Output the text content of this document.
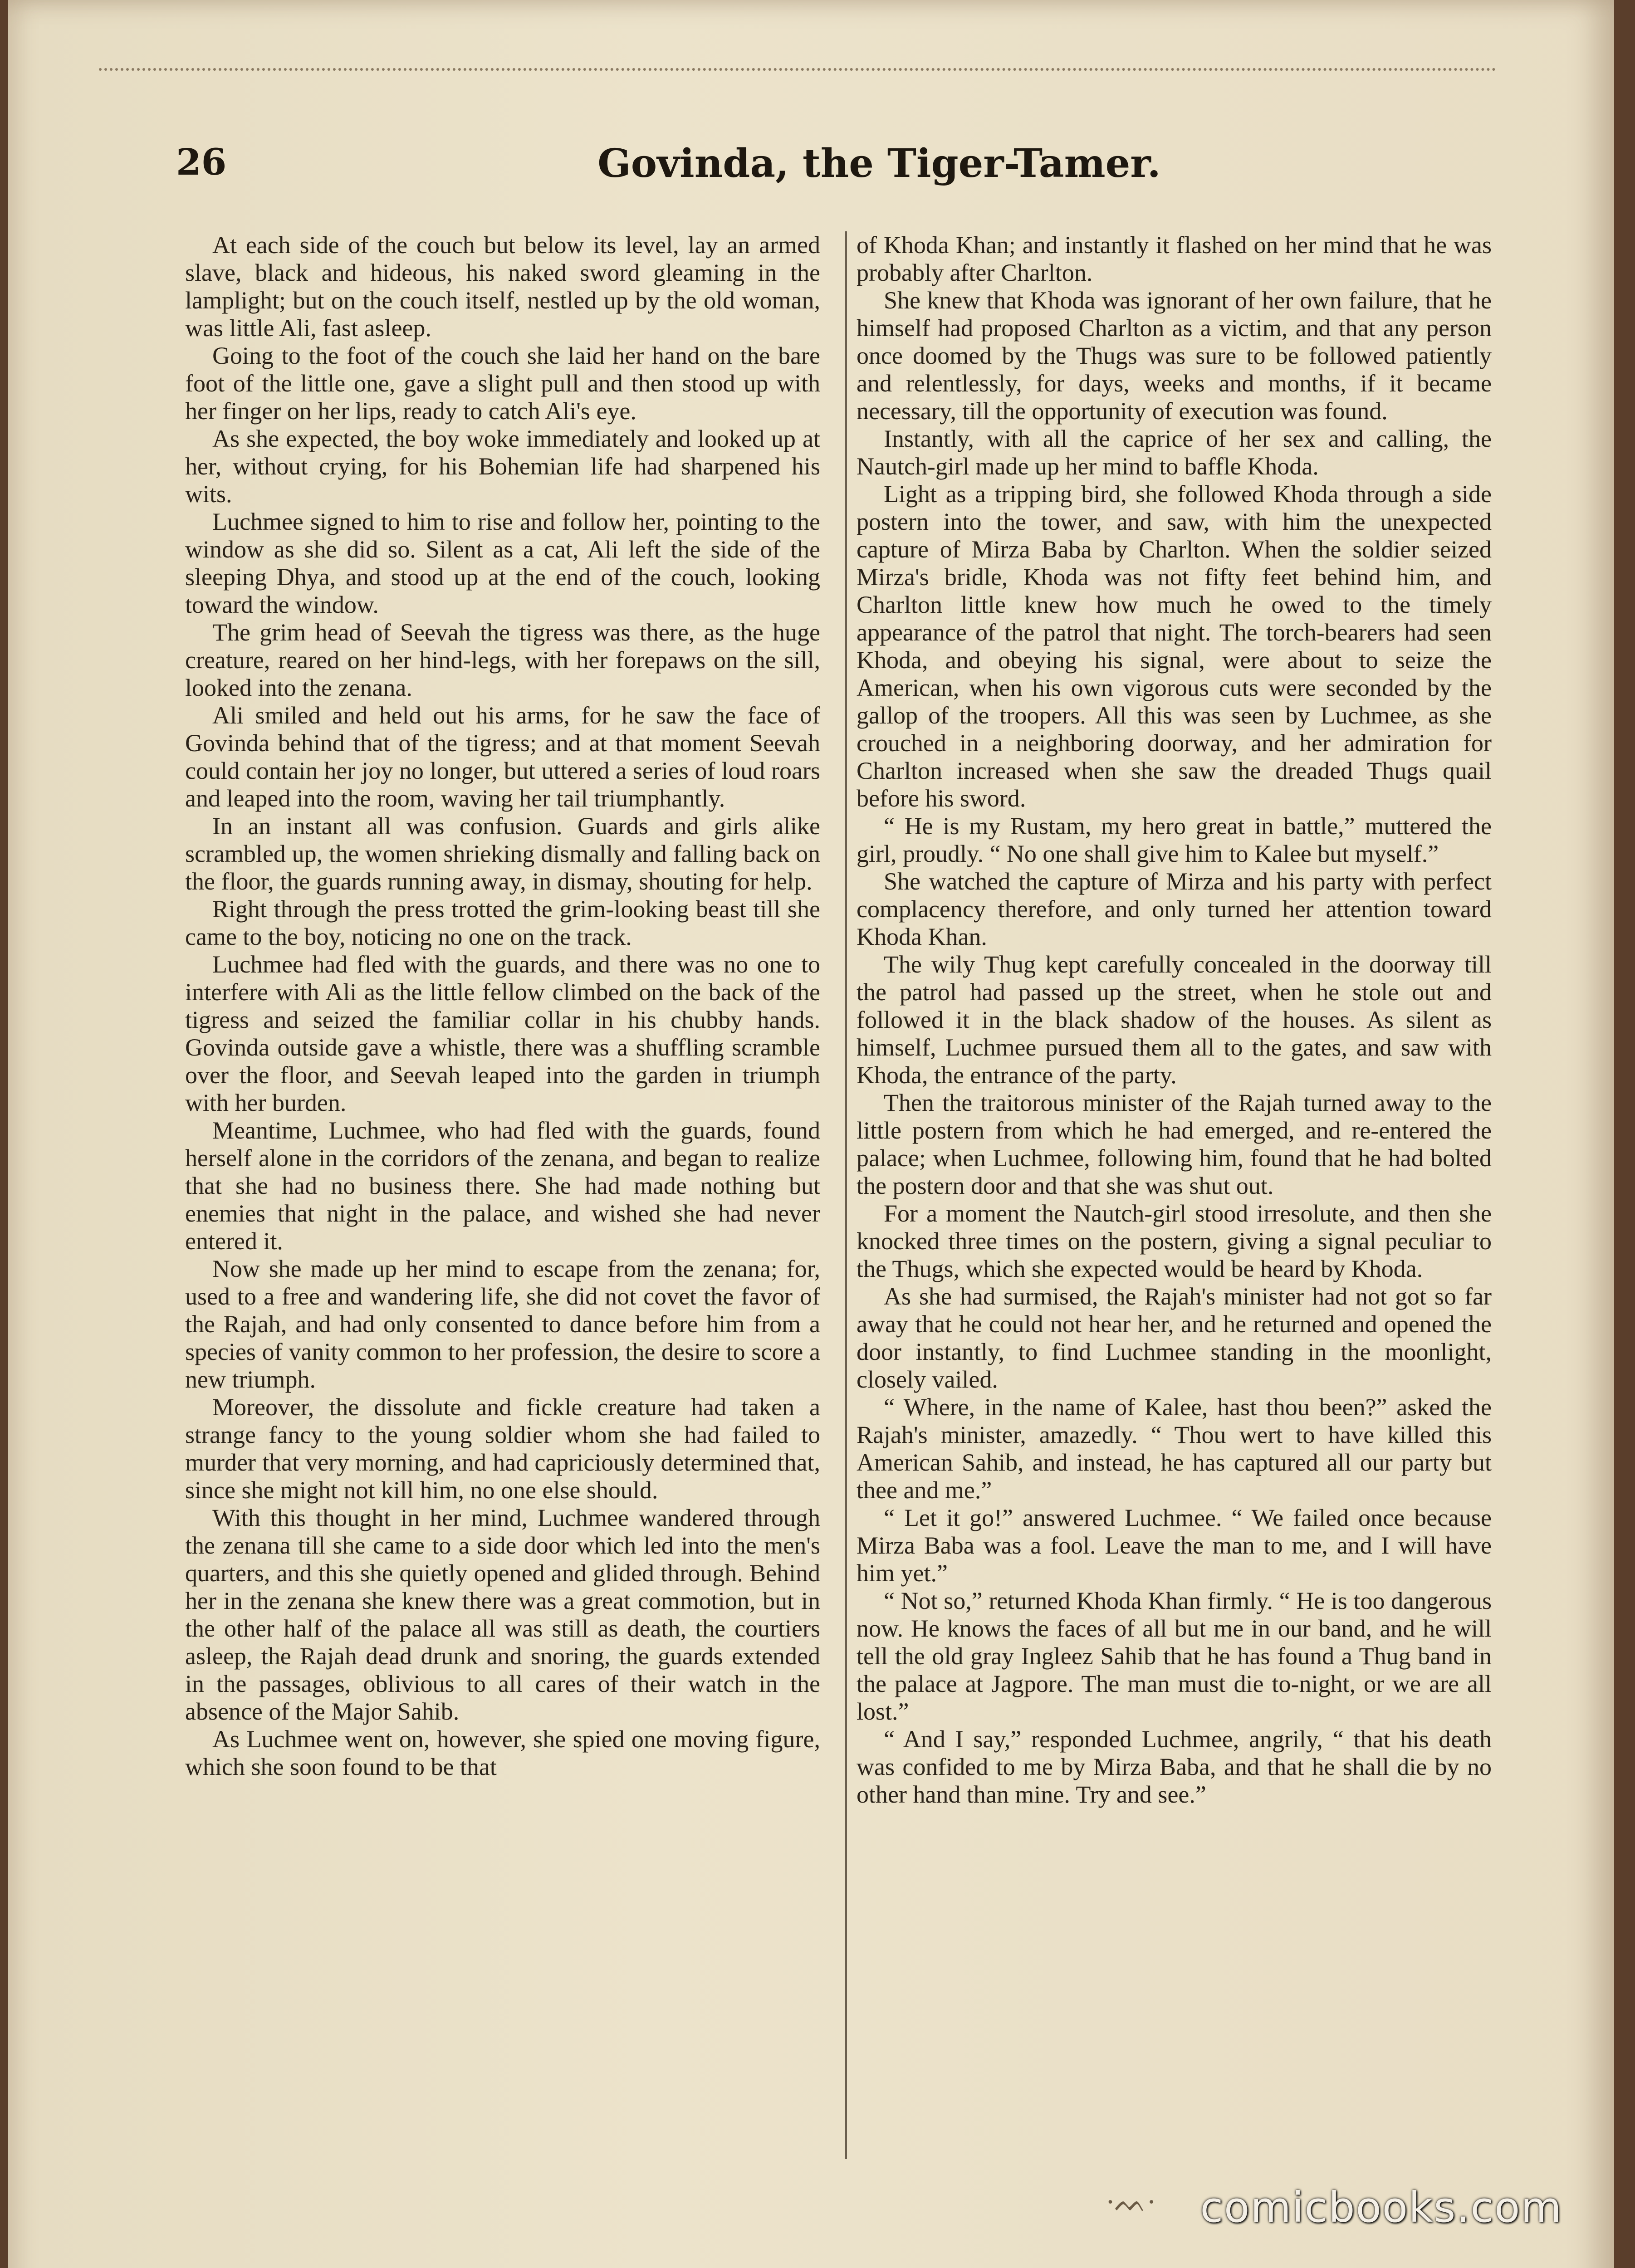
26	Govinda, the Tiger-Tamer.

At each side of the couch but below its level, lay an armed slave, black and hideous, his naked sword gleaming in the lamplight; but on the couch itself, nestled up by the old woman, was little Ali, fast asleep.

Going to the foot of the couch she laid her hand on the bare foot of the little one, gave a slight pull and then stood up with her finger on her lips, ready to catch Ali's eye.

As she expected, the boy woke immediately and looked up at her, without crying, for his Bohemian life had sharpened his wits.

Luchmee signed to him to rise and follow her, pointing to the window as she did so. Silent as a cat, Ali left the side of the sleeping Dhya, and stood up at the end of the couch, looking toward the window.

The grim head of Seevah the tigress was there, as the huge creature, reared on her hind-legs, with her forepaws on the sill, looked into the zenana.

Ali smiled and held out his arms, for he saw the face of Govinda behind that of the tigress; and at that moment Seevah could contain her joy no longer, but uttered a series of loud roars and leaped into the room, waving her tail triumphantly.

In an instant all was confusion. Guards and girls alike scrambled up, the women shrieking dismally and falling back on the floor, the guards running away, in dismay, shouting for help.

Right through the press trotted the grim-looking beast till she came to the boy, noticing no one on the track.

Luchmee had fled with the guards, and there was no one to interfere with Ali as the little fellow climbed on the back of the tigress and seized the familiar collar in his chubby hands. Govinda outside gave a whistle, there was a shuffling scramble over the floor, and Seevah leaped into the garden in triumph with her burden.

Meantime, Luchmee, who had fled with the guards, found herself alone in the corridors of the zenana, and began to realize that she had no business there. She had made nothing but enemies that night in the palace, and wished she had never entered it.

Now she made up her mind to escape from the zenana; for, used to a free and wandering life, she did not covet the favor of the Rajah, and had only consented to dance before him from a species of vanity common to her profession, the desire to score a new triumph.

Moreover, the dissolute and fickle creature had taken a strange fancy to the young soldier whom she had failed to murder that very morning, and had capriciously determined that, since she might not kill him, no one else should.

With this thought in her mind, Luchmee wandered through the zenana till she came to a side door which led into the men's quarters, and this she quietly opened and glided through. Behind her in the zenana she knew there was a great commotion, but in the other half of the palace all was still as death, the courtiers asleep, the Rajah dead drunk and snoring, the guards extended in the passages, oblivious to all cares of their watch in the absence of the Major Sahib.

As Luchmee went on, however, she spied one moving figure, which she soon found to be that

of Khoda Khan; and instantly it flashed on her mind that he was probably after Charlton.

She knew that Khoda was ignorant of her own failure, that he himself had proposed Charlton as a victim, and that any person once doomed by the Thugs was sure to be followed patiently and relentlessly, for days, weeks and months, if it became necessary, till the opportunity of execution was found.

Instantly, with all the caprice of her sex and calling, the Nautch-girl made up her mind to baffle Khoda.

Light as a tripping bird, she followed Khoda through a side postern into the tower, and saw, with him the unexpected capture of Mirza Baba by Charlton. When the soldier seized Mirza's bridle, Khoda was not fifty feet behind him, and Charlton little knew how much he owed to the timely appearance of the patrol that night. The torch-bearers had seen Khoda, and obeying his signal, were about to seize the American, when his own vigorous cuts were seconded by the gallop of the troopers. All this was seen by Luchmee, as she crouched in a neighboring doorway, and her admiration for Charlton increased when she saw the dreaded Thugs quail before his sword.

“ He is my Rustam, my hero great in battle,” muttered the girl, proudly. “ No one shall give him to Kalee but myself.”

She watched the capture of Mirza and his party with perfect complacency therefore, and only turned her attention toward Khoda Khan.

The wily Thug kept carefully concealed in the doorway till the patrol had passed up the street, when he stole out and followed it in the black shadow of the houses. As silent as himself, Luchmee pursued them all to the gates, and saw with Khoda, the entrance of the party.

Then the traitorous minister of the Rajah turned away to the little postern from which he had emerged, and re-entered the palace; when Luchmee, following him, found that he had bolted the postern door and that she was shut out.

For a moment the Nautch-girl stood irresolute, and then she knocked three times on the postern, giving a signal peculiar to the Thugs, which she expected would be heard by Khoda.

As she had surmised, the Rajah's minister had not got so far away that he could not hear her, and he returned and opened the door instantly, to find Luchmee standing in the moonlight, closely vailed.

“ Where, in the name of Kalee, hast thou been?” asked the Rajah's minister, amazedly. “ Thou wert to have killed this American Sahib, and instead, he has captured all our party but thee and me.”

“ Let it go!” answered Luchmee. “ We failed once because Mirza Baba was a fool. Leave the man to me, and I will have him yet.”

“ Not so,” returned Khoda Khan firmly. “ He is too dangerous now. He knows the faces of all but me in our band, and he will tell the old gray Ingleez Sahib that he has found a Thug band in the palace at Jagpore. The man must die to-night, or we are all lost.”

“ And I say,” responded Luchmee, angrily, “ that his death was confided to me by Mirza Baba, and that he shall die by no other hand than mine. Try and see.”

·ᨓ· comicbooks.com
